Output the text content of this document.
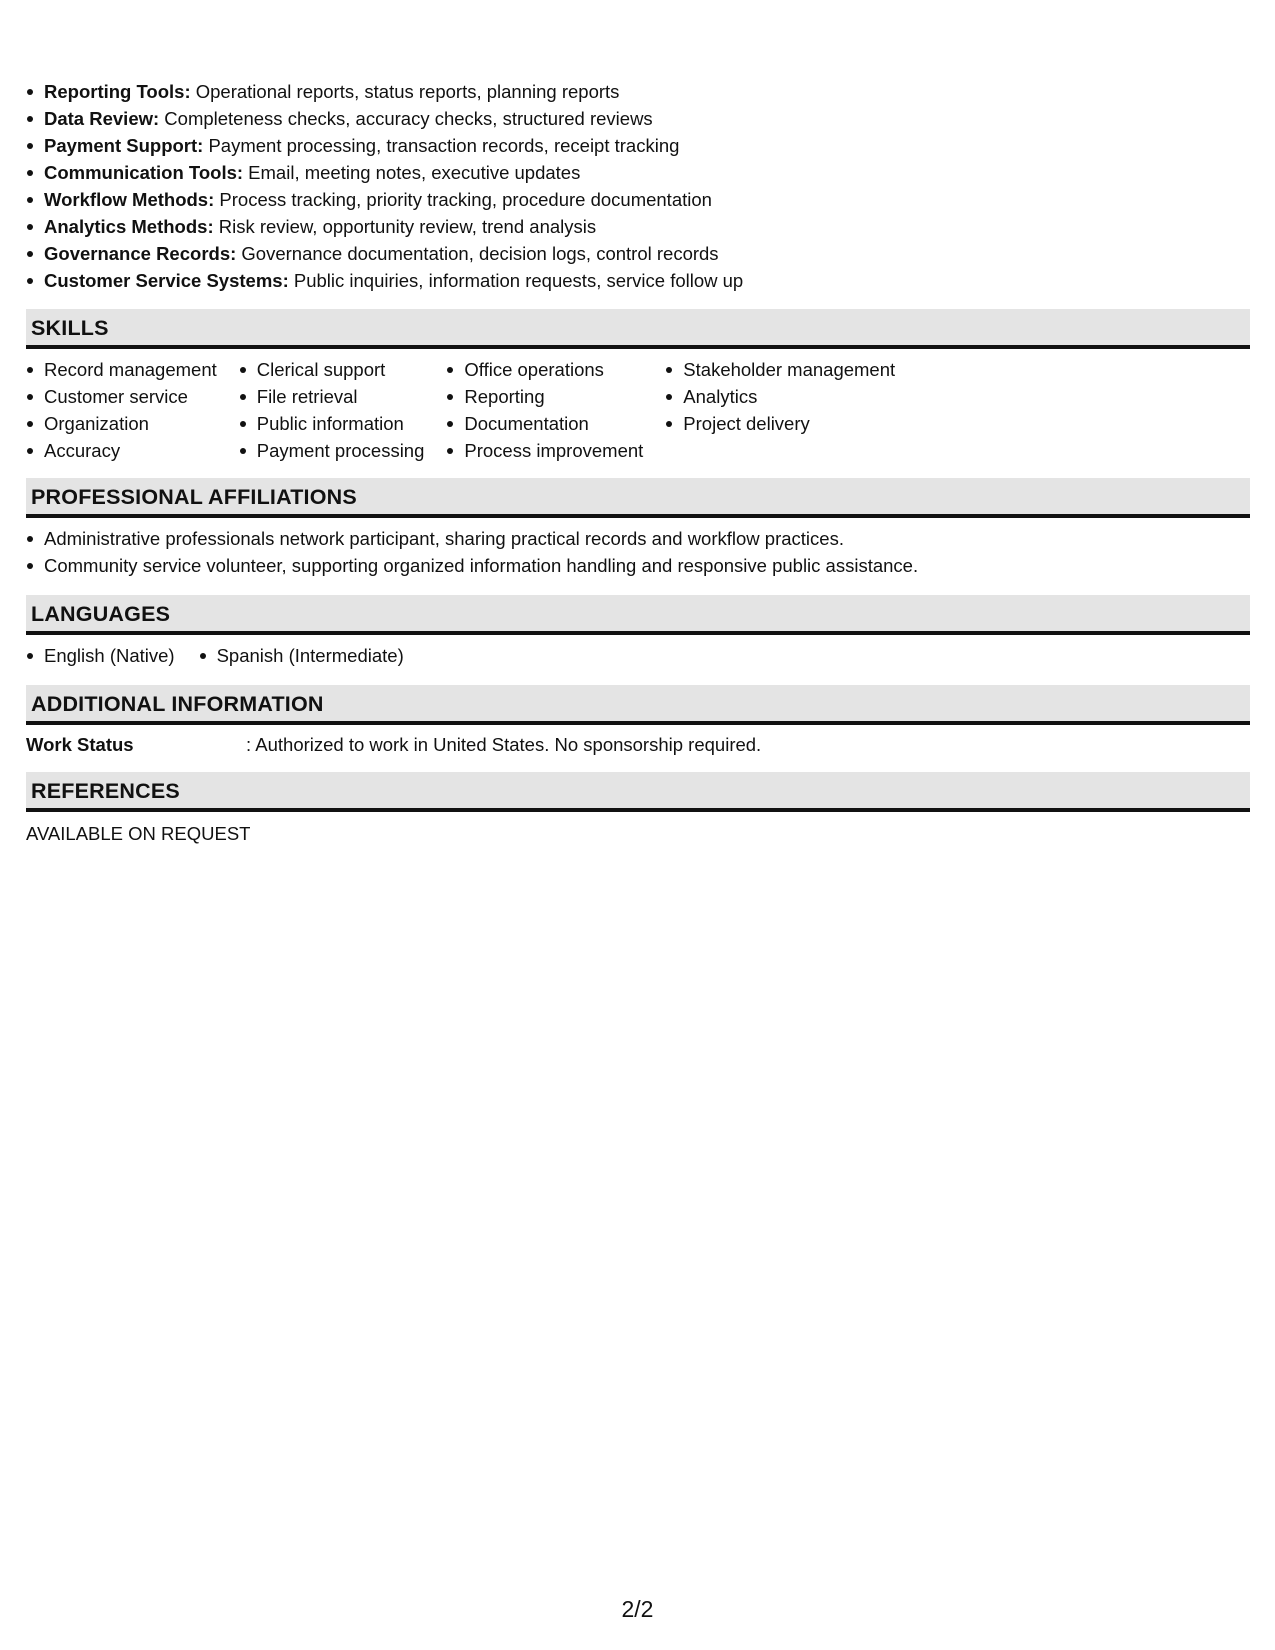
Reporting Tools: Operational reports, status reports, planning reports
Data Review: Completeness checks, accuracy checks, structured reviews
Payment Support: Payment processing, transaction records, receipt tracking
Communication Tools: Email, meeting notes, executive updates
Workflow Methods: Process tracking, priority tracking, procedure documentation
Analytics Methods: Risk review, opportunity review, trend analysis
Governance Records: Governance documentation, decision logs, control records
Customer Service Systems: Public inquiries, information requests, service follow up
SKILLS
Record management
Customer service
Organization
Accuracy
Clerical support
File retrieval
Public information
Payment processing
Office operations
Reporting
Documentation
Process improvement
Stakeholder management
Analytics
Project delivery
PROFESSIONAL AFFILIATIONS
Administrative professionals network participant, sharing practical records and workflow practices.
Community service volunteer, supporting organized information handling and responsive public assistance.
LANGUAGES
English (Native)	Spanish (Intermediate)
ADDITIONAL INFORMATION
Work Status	: Authorized to work in United States. No sponsorship required.
REFERENCES
AVAILABLE ON REQUEST
2/2
